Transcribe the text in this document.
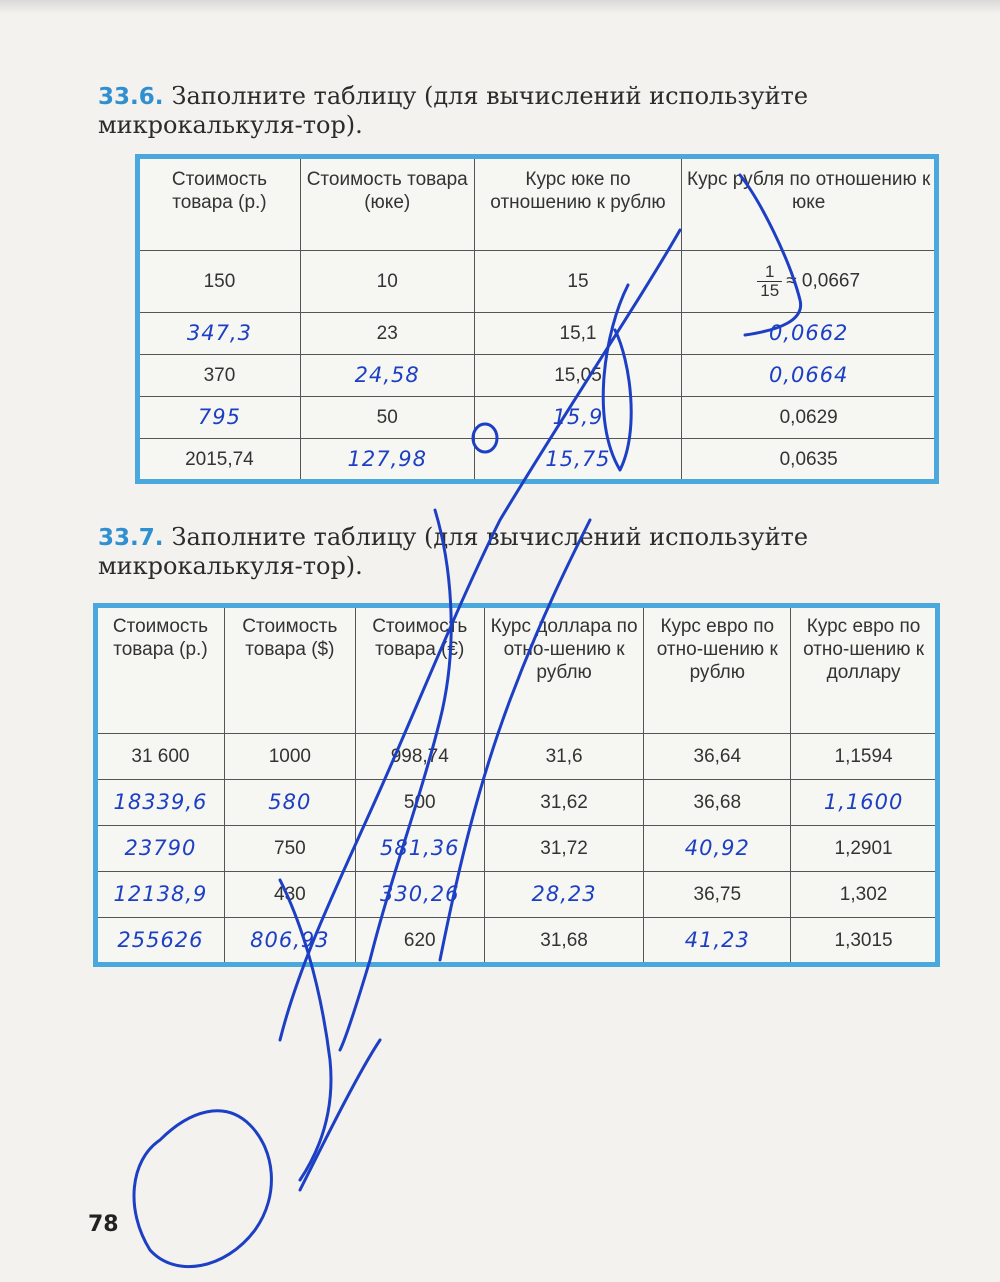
33.6. Заполните таблицу (для вычислений используйте микрокалькуля-тор).
Стоимость товара (р.)	Стоимость товара (юке)	Курс юке по отношению к рублю	Курс рубля по отношению к юке
150	10	15	$\frac{1}{15} \approx 0,0667$
347,3	23	15,1	0,0662
370	24,58	15,05	0,0664
795	50	15,9	0,0629
2015,74	127,98	15,75	0,0635
33.7. Заполните таблицу (для вычислений используйте микрокалькуля-тор).
Стоимость товара (р.)	Стоимость товара ($)	Стоимость товара (€)	Курс доллара по отно-шению к рублю	Курс евро по отно-шению к рублю	Курс евро по отно-шению к доллару
31 600	1000	998,74	31,6	36,64	1,1594
18339,6	580	500	31,62	36,68	1,1600
23790	750	581,36	31,72	40,92	1,2901
12138,9	430	330,26	28,23	36,75	1,302
255626	806,93	620	31,68	41,23	1,3015
78
